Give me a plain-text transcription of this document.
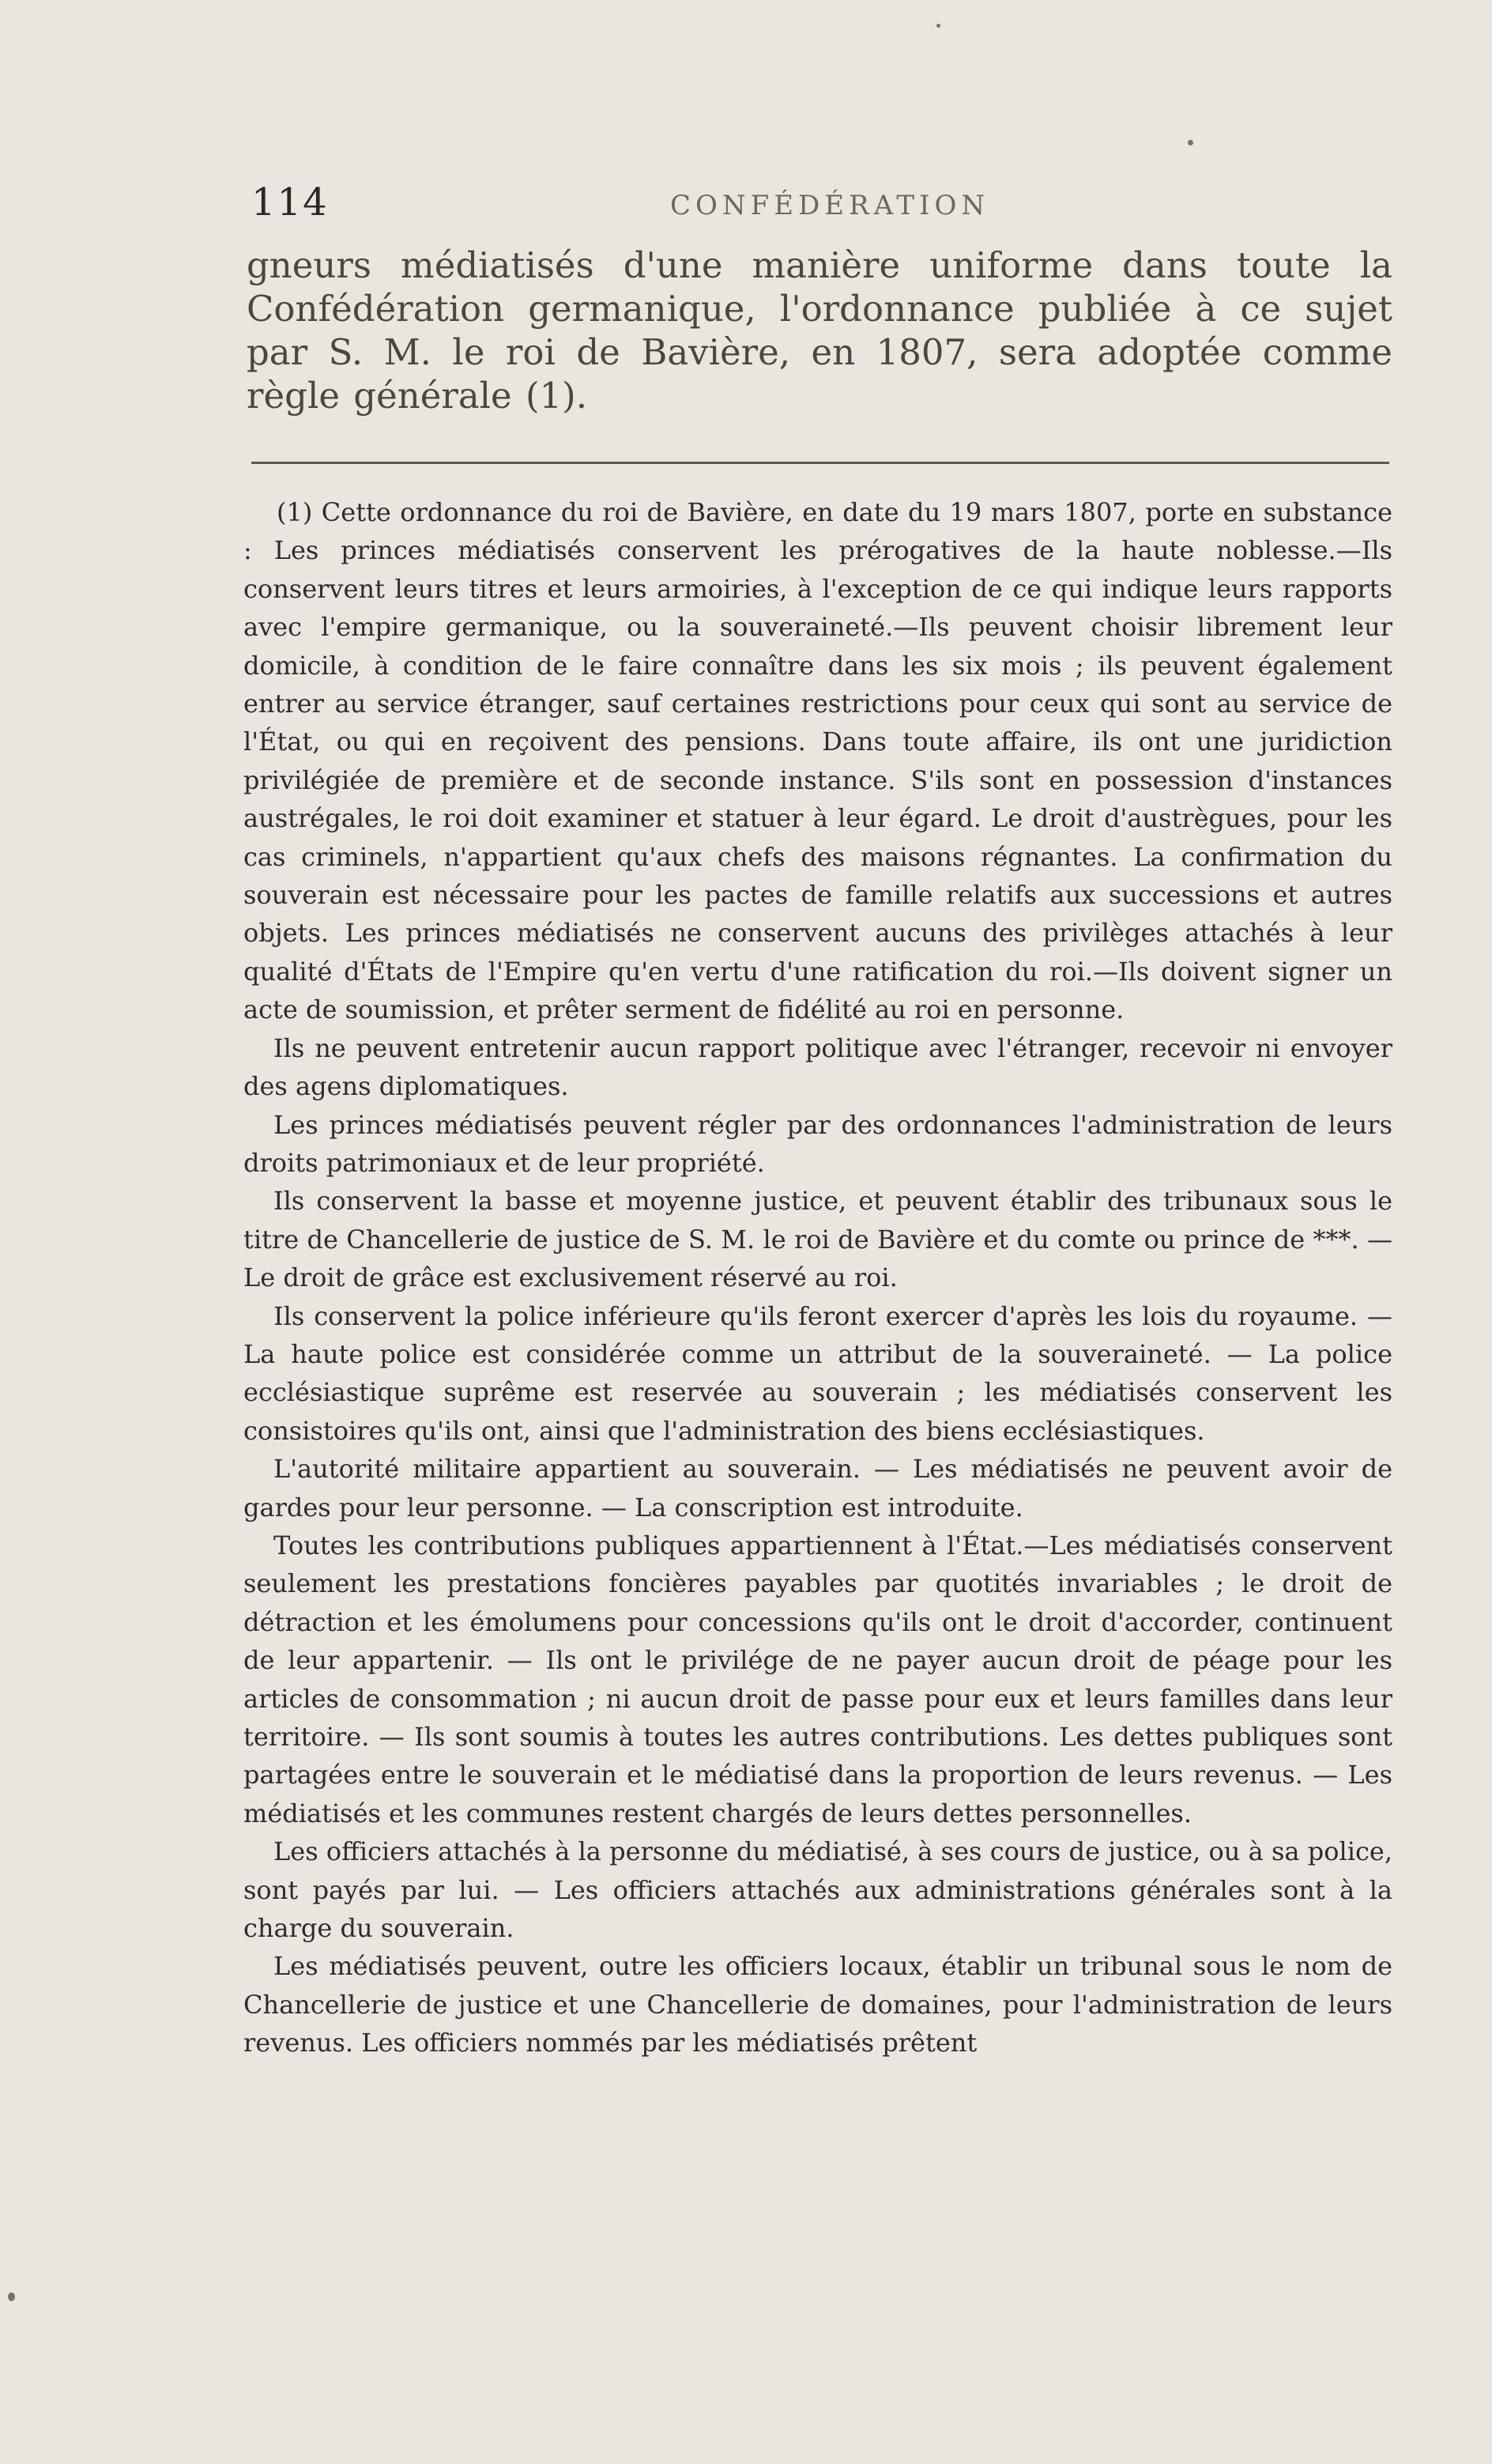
114	CONFÉDÉRATION

gneurs médiatisés d'une manière uniforme dans toute la Confédération germanique, l'ordonnance publiée à ce sujet par S. M. le roi de Bavière, en 1807, sera adoptée comme règle générale (1).

(1) Cette ordonnance du roi de Bavière, en date du 19 mars 1807, porte en substance : Les princes médiatisés conservent les prérogatives de la haute noblesse.—Ils conservent leurs titres et leurs armoiries, à l'exception de ce qui indique leurs rapports avec l'empire germanique, ou la souveraineté.—Ils peuvent choisir librement leur domicile, à condition de le faire connaître dans les six mois ; ils peuvent également entrer au service étranger, sauf certaines restrictions pour ceux qui sont au service de l'État, ou qui en reçoivent des pensions. Dans toute affaire, ils ont une juridiction privilégiée de première et de seconde instance. S'ils sont en possession d'instances austrégales, le roi doit examiner et statuer à leur égard. Le droit d'austrègues, pour les cas criminels, n'appartient qu'aux chefs des maisons régnantes. La confirmation du souverain est nécessaire pour les pactes de famille relatifs aux successions et autres objets. Les princes médiatisés ne conservent aucuns des privilèges attachés à leur qualité d'États de l'Empire qu'en vertu d'une ratification du roi.—Ils doivent signer un acte de soumission, et prêter serment de fidélité au roi en personne.

Ils ne peuvent entretenir aucun rapport politique avec l'étranger, recevoir ni envoyer des agens diplomatiques.

Les princes médiatisés peuvent régler par des ordonnances l'administration de leurs droits patrimoniaux et de leur propriété.

Ils conservent la basse et moyenne justice, et peuvent établir des tribunaux sous le titre de Chancellerie de justice de S. M. le roi de Bavière et du comte ou prince de ***. — Le droit de grâce est exclusivement réservé au roi.

Ils conservent la police inférieure qu'ils feront exercer d'après les lois du royaume. — La haute police est considérée comme un attribut de la souveraineté. — La police ecclésiastique suprême est reservée au souverain ; les médiatisés conservent les consistoires qu'ils ont, ainsi que l'administration des biens ecclésiastiques.

L'autorité militaire appartient au souverain. — Les médiatisés ne peuvent avoir de gardes pour leur personne. — La conscription est introduite.

Toutes les contributions publiques appartiennent à l'État.—Les médiatisés conservent seulement les prestations foncières payables par quotités invariables ; le droit de détraction et les émolumens pour concessions qu'ils ont le droit d'accorder, continuent de leur appartenir. — Ils ont le privilége de ne payer aucun droit de péage pour les articles de consommation ; ni aucun droit de passe pour eux et leurs familles dans leur territoire. — Ils sont soumis à toutes les autres contributions. Les dettes publiques sont partagées entre le souverain et le médiatisé dans la proportion de leurs revenus. — Les médiatisés et les communes restent chargés de leurs dettes personnelles.

Les officiers attachés à la personne du médiatisé, à ses cours de justice, ou à sa police, sont payés par lui. — Les officiers attachés aux administrations générales sont à la charge du souverain.

Les médiatisés peuvent, outre les officiers locaux, établir un tribunal sous le nom de Chancellerie de justice et une Chancellerie de domaines, pour l'administration de leurs revenus. Les officiers nommés par les médiatisés prêtent
